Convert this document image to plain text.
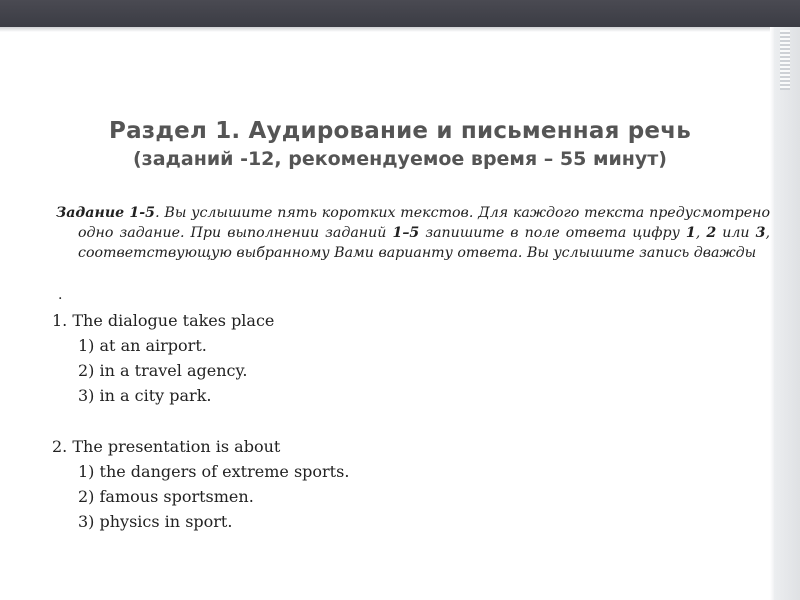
Раздел 1. Аудирование и письменная речь
(заданий -12, рекомендуемое время – 55 минут)
Задание 1-5. Вы услышите пять коротких текстов. Для каждого текста предусмотрено одно задание. При выполнении заданий 1–5 запишите в поле ответа цифру 1, 2 или 3, соответствующую выбранному Вами варианту ответа. Вы услышите запись дважды
.
1. The dialogue takes place
1) at an airport.
2) in a travel agency.
3) in a city park.
2. The presentation is about
1) the dangers of extreme sports.
2) famous sportsmen.
3) physics in sport.
